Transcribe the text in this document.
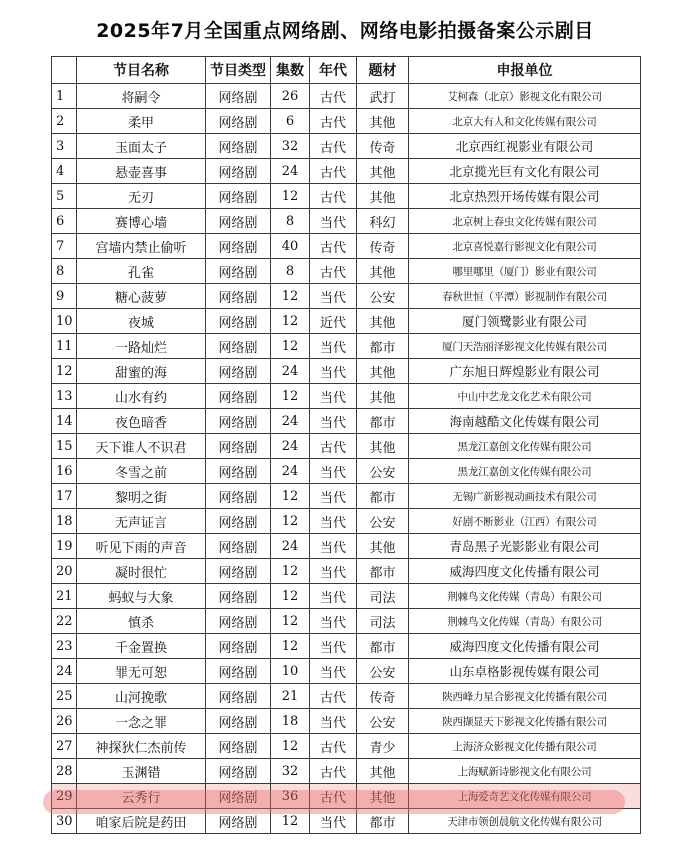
2025年7月全国重点网络剧、网络电影拍摄备案公示剧目
	节目名称	节目类型	集数	年代	题材	申报单位
1	将嗣令	网络剧	26	古代	武打	艾柯森（北京）影视文化有限公司
2	柔甲	网络剧	6	古代	其他	北京大有人和文化传媒有限公司
3	玉面太子	网络剧	32	古代	传奇	北京西红视影业有限公司
4	悬壶喜事	网络剧	24	古代	其他	北京揽光巨有文化有限公司
5	无刃	网络剧	12	古代	其他	北京热烈开场传媒有限公司
6	赛博心墙	网络剧	8	当代	科幻	北京树上春虫文化传媒有限公司
7	宫墙内禁止偷听	网络剧	40	古代	传奇	北京喜悦嘉行影视文化有限公司
8	孔雀	网络剧	8	古代	其他	哪里哪里（厦门）影业有限公司
9	糖心菠萝	网络剧	12	当代	公安	春秋世恒（平潭）影视制作有限公司
10	夜城	网络剧	12	近代	其他	厦门领鹭影业有限公司
11	一路灿烂	网络剧	12	当代	都市	厦门天浩丽泽影视文化传媒有限公司
12	甜蜜的海	网络剧	24	当代	其他	广东旭日辉煌影业有限公司
13	山水有约	网络剧	12	当代	其他	中山中艺龙文化艺术有限公司
14	夜色暗香	网络剧	24	当代	都市	海南越酷文化传媒有限公司
15	天下谁人不识君	网络剧	24	古代	其他	黑龙江嘉创文化传媒有限公司
16	冬雪之前	网络剧	24	当代	公安	黑龙江嘉创文化传媒有限公司
17	黎明之街	网络剧	12	当代	都市	无锡广新影视动画技术有限公司
18	无声证言	网络剧	12	当代	公安	好剧不断影业（江西）有限公司
19	听见下雨的声音	网络剧	24	当代	其他	青岛黑子光影影业有限公司
20	凝时很忙	网络剧	12	当代	都市	威海四度文化传播有限公司
21	蚂蚁与大象	网络剧	12	当代	司法	荆棘鸟文化传媒（青岛）有限公司
22	慎杀	网络剧	12	当代	司法	荆棘鸟文化传媒（青岛）有限公司
23	千金置换	网络剧	12	当代	都市	威海四度文化传播有限公司
24	罪无可恕	网络剧	10	当代	公安	山东卓格影视传媒有限公司
25	山河挽歌	网络剧	21	古代	传奇	陕西峰力星合影视文化传播有限公司
26	一念之罪	网络剧	18	当代	公安	陕西撷显天下影视文化传播有限公司
27	神探狄仁杰前传	网络剧	12	古代	青少	上海济众影视文化传播有限公司
28	玉渊错	网络剧	32	古代	其他	上海赋新诗影视文化有限公司
29	云秀行	网络剧	36	古代	其他	上海爱奇艺文化传媒有限公司
30	咱家后院是药田	网络剧	12	当代	都市	天津市领创晨航文化传媒有限公司
